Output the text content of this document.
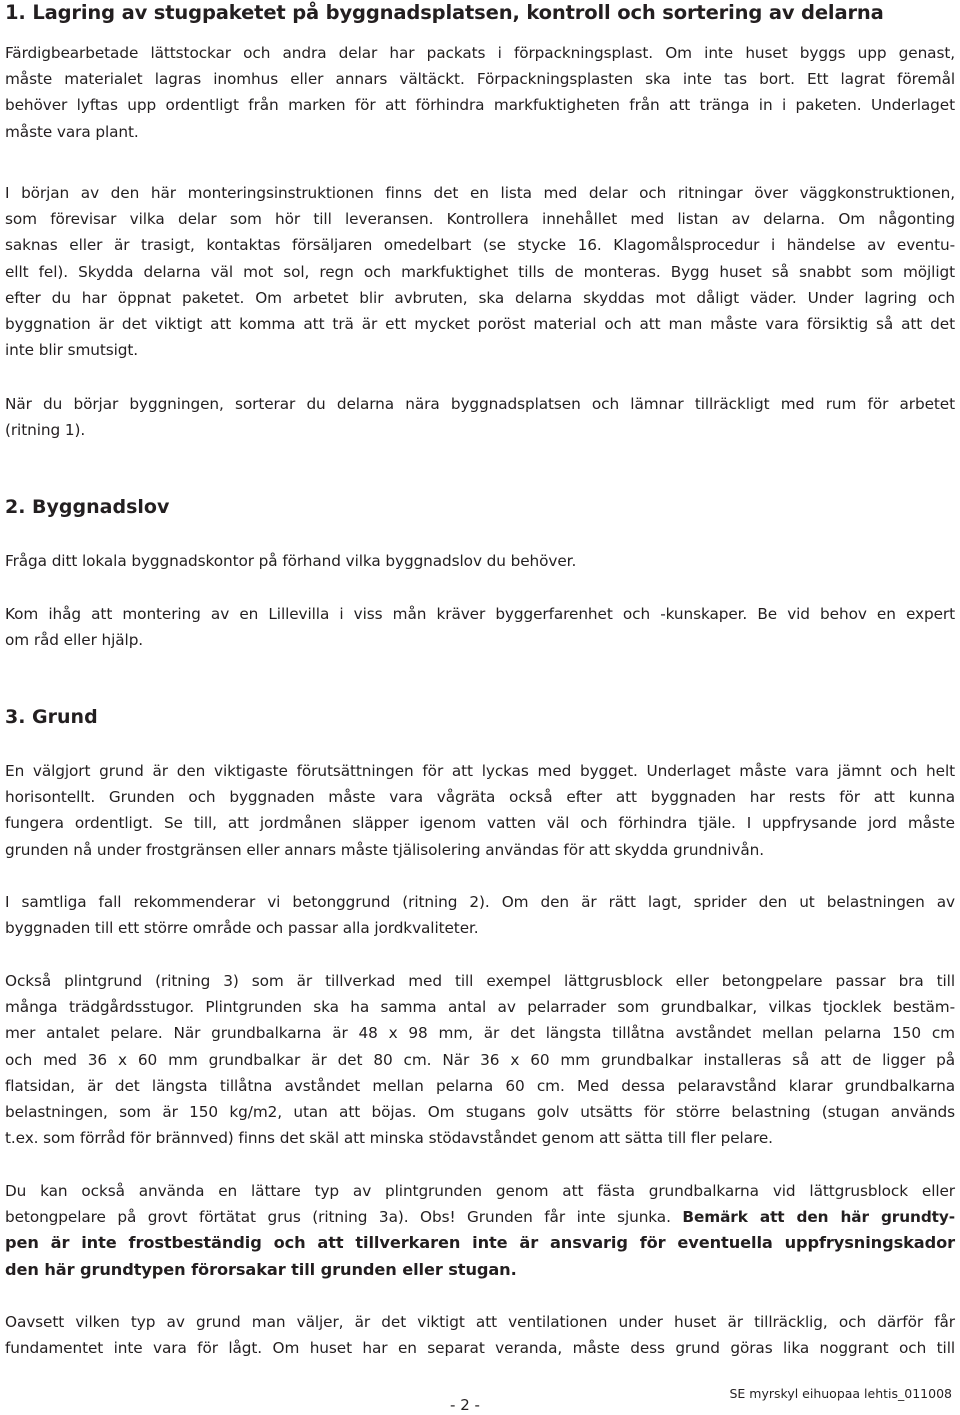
1. Lagring av stugpaketet på byggnadsplatsen, kontroll och sortering av delarna
Färdigbearbetade lättstockar och andra delar har packats i förpackningsplast. Om inte huset byggs upp genast,
måste materialet lagras inomhus eller annars vältäckt. Förpackningsplasten ska inte tas bort. Ett lagrat föremål
behöver lyftas upp ordentligt från marken för att förhindra markfuktigheten från att tränga in i paketen. Underlaget
måste vara plant.
I början av den här monteringsinstruktionen finns det en lista med delar och ritningar över väggkonstruktionen,
som förevisar vilka delar som hör till leveransen. Kontrollera innehållet med listan av delarna. Om någonting
saknas eller är trasigt, kontaktas försäljaren omedelbart (se stycke 16. Klagomålsprocedur i händelse av eventu-
ellt fel). Skydda delarna väl mot sol, regn och markfuktighet tills de monteras. Bygg huset så snabbt som möjligt
efter du har öppnat paketet. Om arbetet blir avbruten, ska delarna skyddas mot dåligt väder. Under lagring och
byggnation är det viktigt att komma att trä är ett mycket poröst material och att man måste vara försiktig så att det
inte blir smutsigt.
När du börjar byggningen, sorterar du delarna nära byggnadsplatsen och lämnar tillräckligt med rum för arbetet
(ritning 1).
2. Byggnadslov
Fråga ditt lokala byggnadskontor på förhand vilka byggnadslov du behöver.
Kom ihåg att montering av en Lillevilla i viss mån kräver byggerfarenhet och -kunskaper. Be vid behov en expert
om råd eller hjälp.
3. Grund
En välgjort grund är den viktigaste förutsättningen för att lyckas med bygget. Underlaget måste vara jämnt och helt
horisontellt. Grunden och byggnaden måste vara vågräta också efter att byggnaden har rests för att kunna
fungera ordentligt. Se till, att jordmånen släpper igenom vatten väl och förhindra tjäle. I uppfrysande jord måste
grunden nå under frostgränsen eller annars måste tjälisolering användas för att skydda grundnivån.
I samtliga fall rekommenderar vi betonggrund (ritning 2). Om den är rätt lagt, sprider den ut belastningen av
byggnaden till ett större område och passar alla jordkvaliteter.
Också plintgrund (ritning 3) som är tillverkad med till exempel lättgrusblock eller betongpelare passar bra till
många trädgårdsstugor. Plintgrunden ska ha samma antal av pelarrader som grundbalkar, vilkas tjocklek bestäm-
mer antalet pelare. När grundbalkarna är 48 x 98 mm, är det längsta tillåtna avståndet mellan pelarna 150 cm
och med 36 x 60 mm grundbalkar är det 80 cm. När 36 x 60 mm grundbalkar installeras så att de ligger på
flatsidan, är det längsta tillåtna avståndet mellan pelarna 60 cm. Med dessa pelaravstånd klarar grundbalkarna
belastningen, som är 150 kg/m2, utan att böjas. Om stugans golv utsätts för större belastning (stugan används
t.ex. som förråd för brännved) finns det skäl att minska stödavståndet genom att sätta till fler pelare.
Du kan också använda en lättare typ av plintgrunden genom att fästa grundbalkarna vid lättgrusblock eller
betongpelare på grovt förtätat grus (ritning 3a). Obs! Grunden får inte sjunka. Bemärk att den här grundty-
pen är inte frostbeständig och att tillverkaren inte är ansvarig för eventuella uppfrysningskador
den här grundtypen förorsakar till grunden eller stugan.
Oavsett vilken typ av grund man väljer, är det viktigt att ventilationen under huset är tillräcklig, och därför får
fundamentet inte vara för lågt. Om huset har en separat veranda, måste dess grund göras lika noggrant och till
- 2 -
SE myrskyl eihuopaa lehtis_011008
